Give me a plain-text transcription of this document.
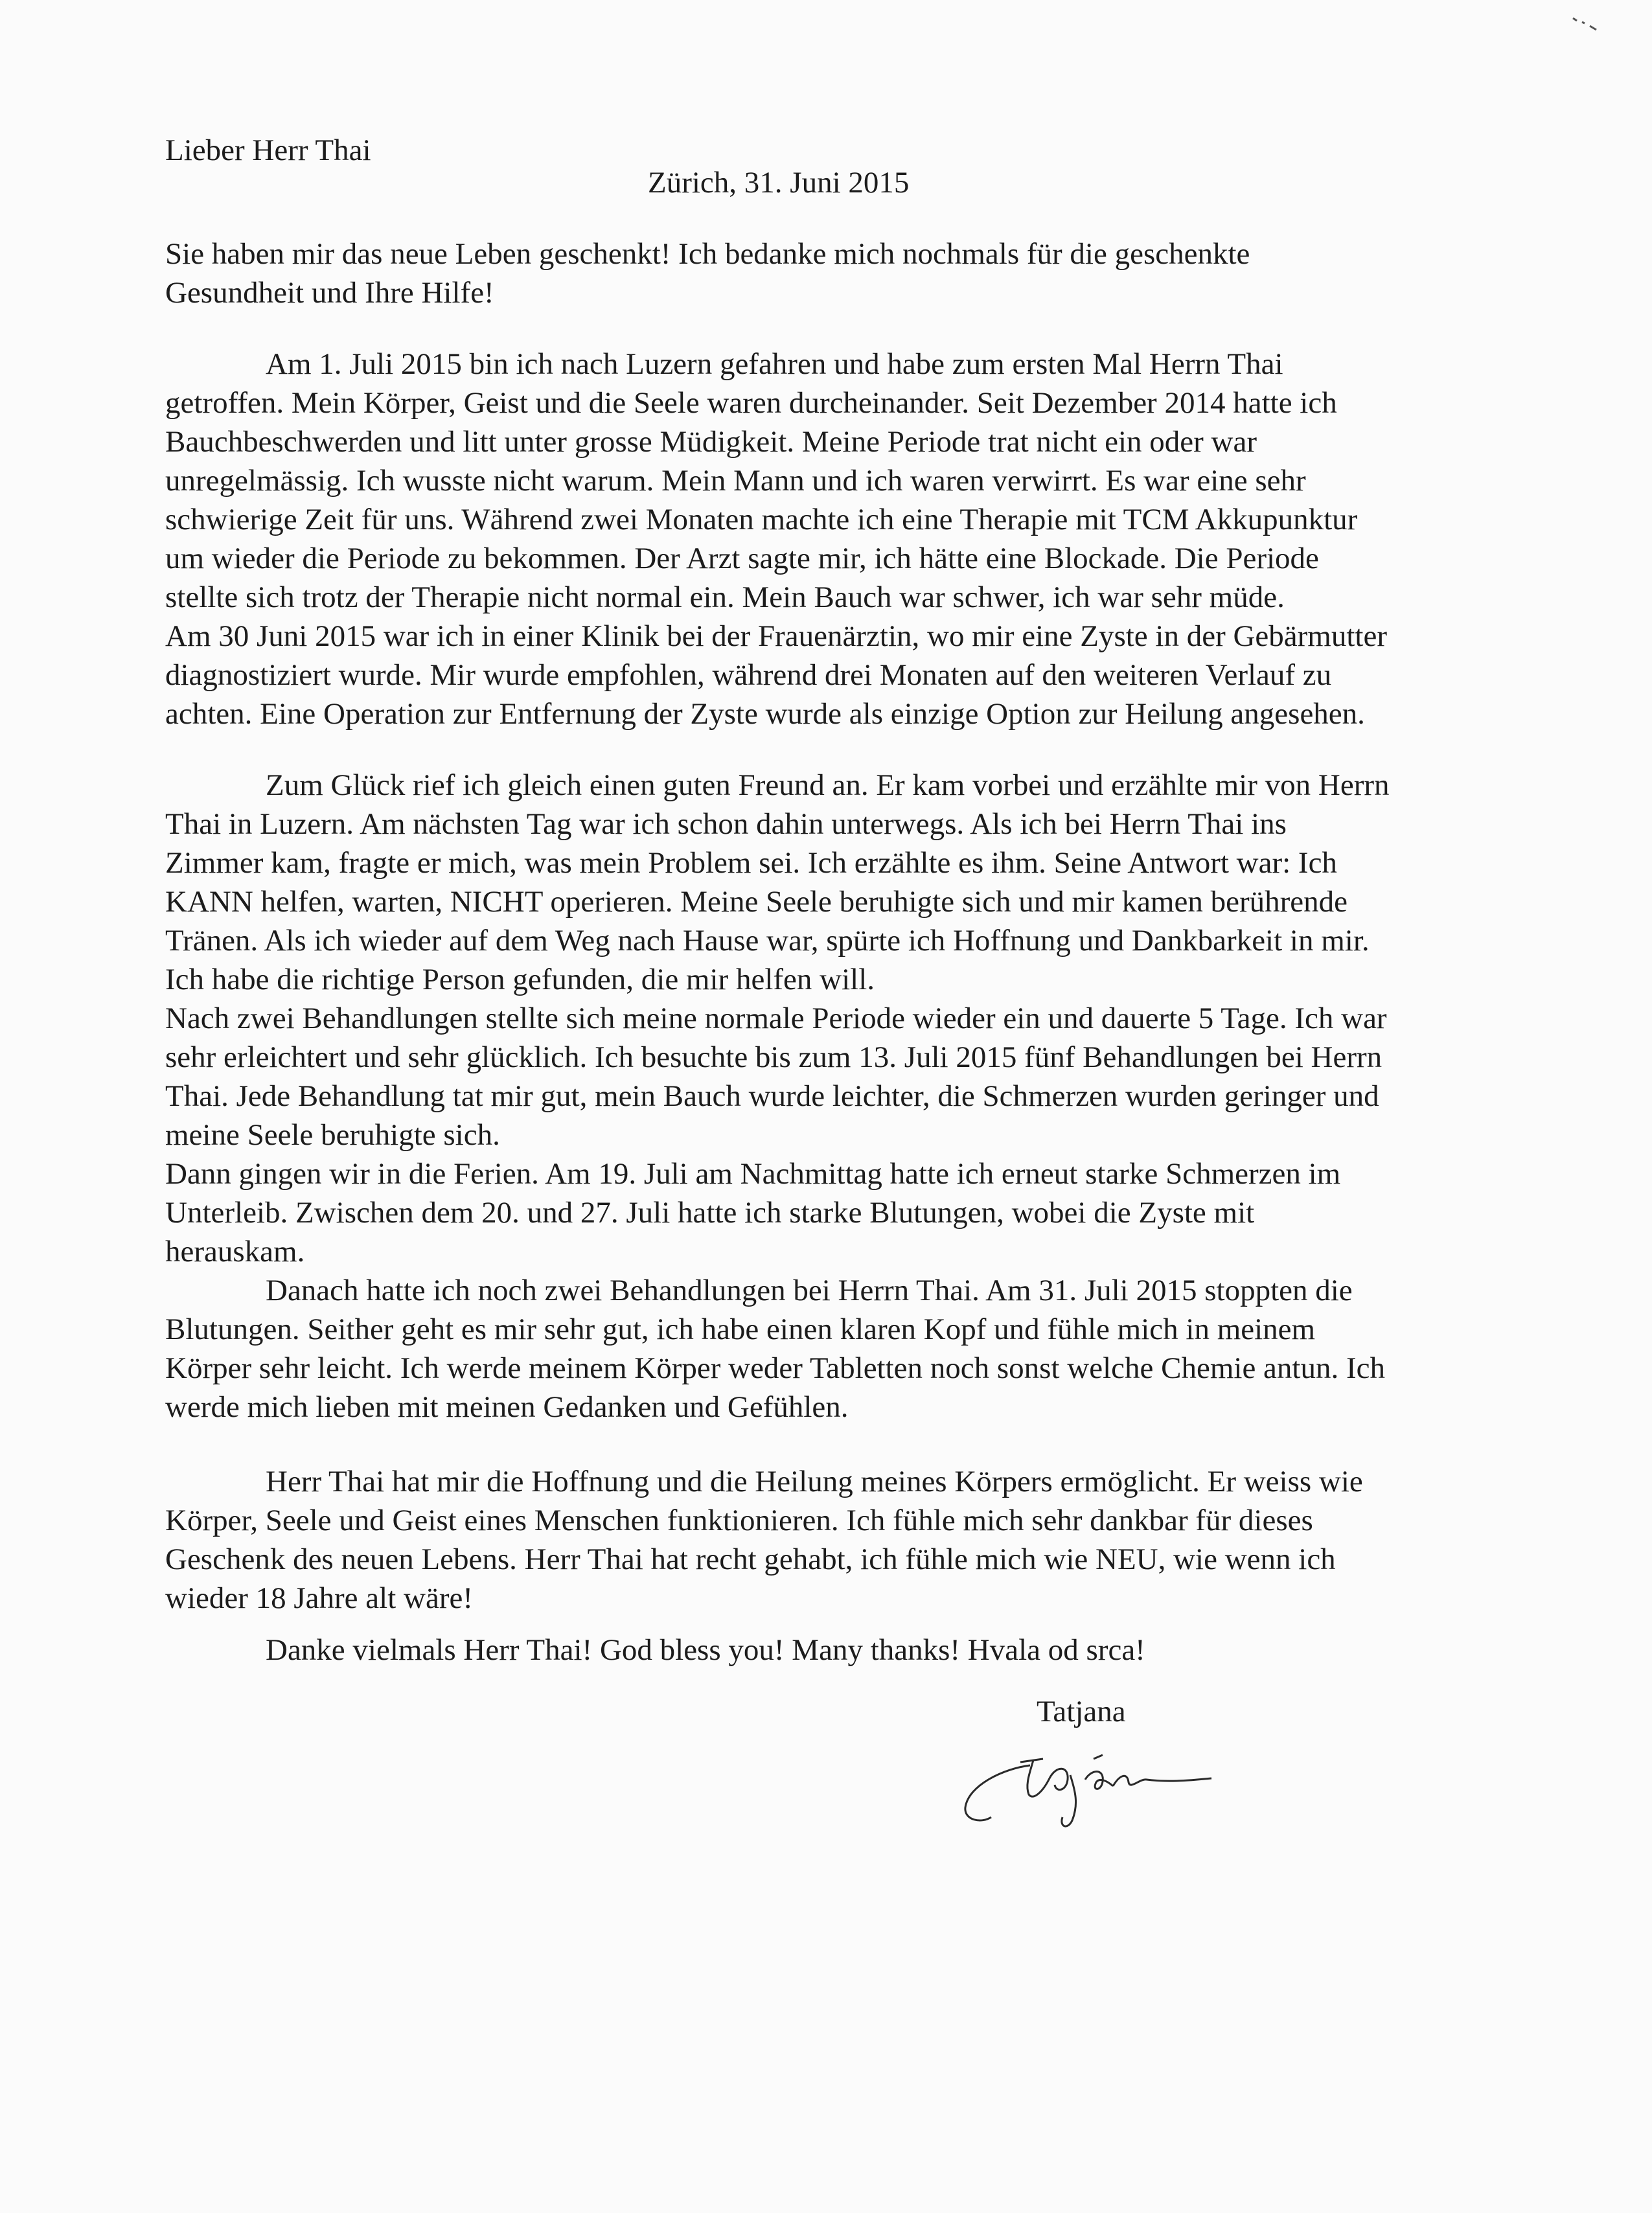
Lieber Herr Thai
Zürich, 31. Juni 2015
Sie haben mir das neue Leben geschenkt! Ich bedanke mich nochmals für die geschenkte
Gesundheit und Ihre Hilfe!
Am 1. Juli 2015 bin ich nach Luzern gefahren und habe zum ersten Mal Herrn Thai
getroffen. Mein Körper, Geist und die Seele waren durcheinander. Seit Dezember 2014 hatte ich
Bauchbeschwerden und litt unter grosse Müdigkeit. Meine Periode trat nicht ein oder war
unregelmässig. Ich wusste nicht warum. Mein Mann und ich waren verwirrt. Es war eine sehr
schwierige Zeit für uns. Während zwei Monaten machte ich eine Therapie mit TCM Akkupunktur
um wieder die Periode zu bekommen. Der Arzt sagte mir, ich hätte eine Blockade. Die Periode
stellte sich trotz der Therapie nicht normal ein. Mein Bauch war schwer, ich war sehr müde.
Am 30 Juni 2015 war ich in einer Klinik bei der Frauenärztin, wo mir eine Zyste in der Gebärmutter
diagnostiziert wurde. Mir wurde empfohlen, während drei Monaten auf den weiteren Verlauf zu
achten. Eine Operation zur Entfernung der Zyste wurde als einzige Option zur Heilung angesehen.
Zum Glück rief ich gleich einen guten Freund an. Er kam vorbei und erzählte mir von Herrn
Thai in Luzern. Am nächsten Tag war ich schon dahin unterwegs. Als ich bei Herrn Thai ins
Zimmer kam, fragte er mich, was mein Problem sei. Ich erzählte es ihm. Seine Antwort war: Ich
KANN helfen, warten, NICHT operieren. Meine Seele beruhigte sich und mir kamen berührende
Tränen. Als ich wieder auf dem Weg nach Hause war, spürte ich Hoffnung und Dankbarkeit in mir.
Ich habe die richtige Person gefunden, die mir helfen will.
Nach zwei Behandlungen stellte sich meine normale Periode wieder ein und dauerte 5 Tage. Ich war
sehr erleichtert und sehr glücklich. Ich besuchte bis zum 13. Juli 2015 fünf Behandlungen bei Herrn
Thai. Jede Behandlung tat mir gut, mein Bauch wurde leichter, die Schmerzen wurden geringer und
meine Seele beruhigte sich.
Dann gingen wir in die Ferien. Am 19. Juli am Nachmittag hatte ich erneut starke Schmerzen im
Unterleib. Zwischen dem 20. und 27. Juli hatte ich starke Blutungen, wobei die Zyste mit
herauskam.
Danach hatte ich noch zwei Behandlungen bei Herrn Thai. Am 31. Juli 2015 stoppten die
Blutungen. Seither geht es mir sehr gut, ich habe einen klaren Kopf und fühle mich in meinem
Körper sehr leicht. Ich werde meinem Körper weder Tabletten noch sonst welche Chemie antun. Ich
werde mich lieben mit meinen Gedanken und Gefühlen.
Herr Thai hat mir die Hoffnung und die Heilung meines Körpers ermöglicht. Er weiss wie
Körper, Seele und Geist eines Menschen funktionieren. Ich fühle mich sehr dankbar für dieses
Geschenk des neuen Lebens. Herr Thai hat recht gehabt, ich fühle mich wie NEU, wie wenn ich
wieder 18 Jahre alt wäre!
Danke vielmals Herr Thai! God bless you! Many thanks! Hvala od srca!
Tatjana
